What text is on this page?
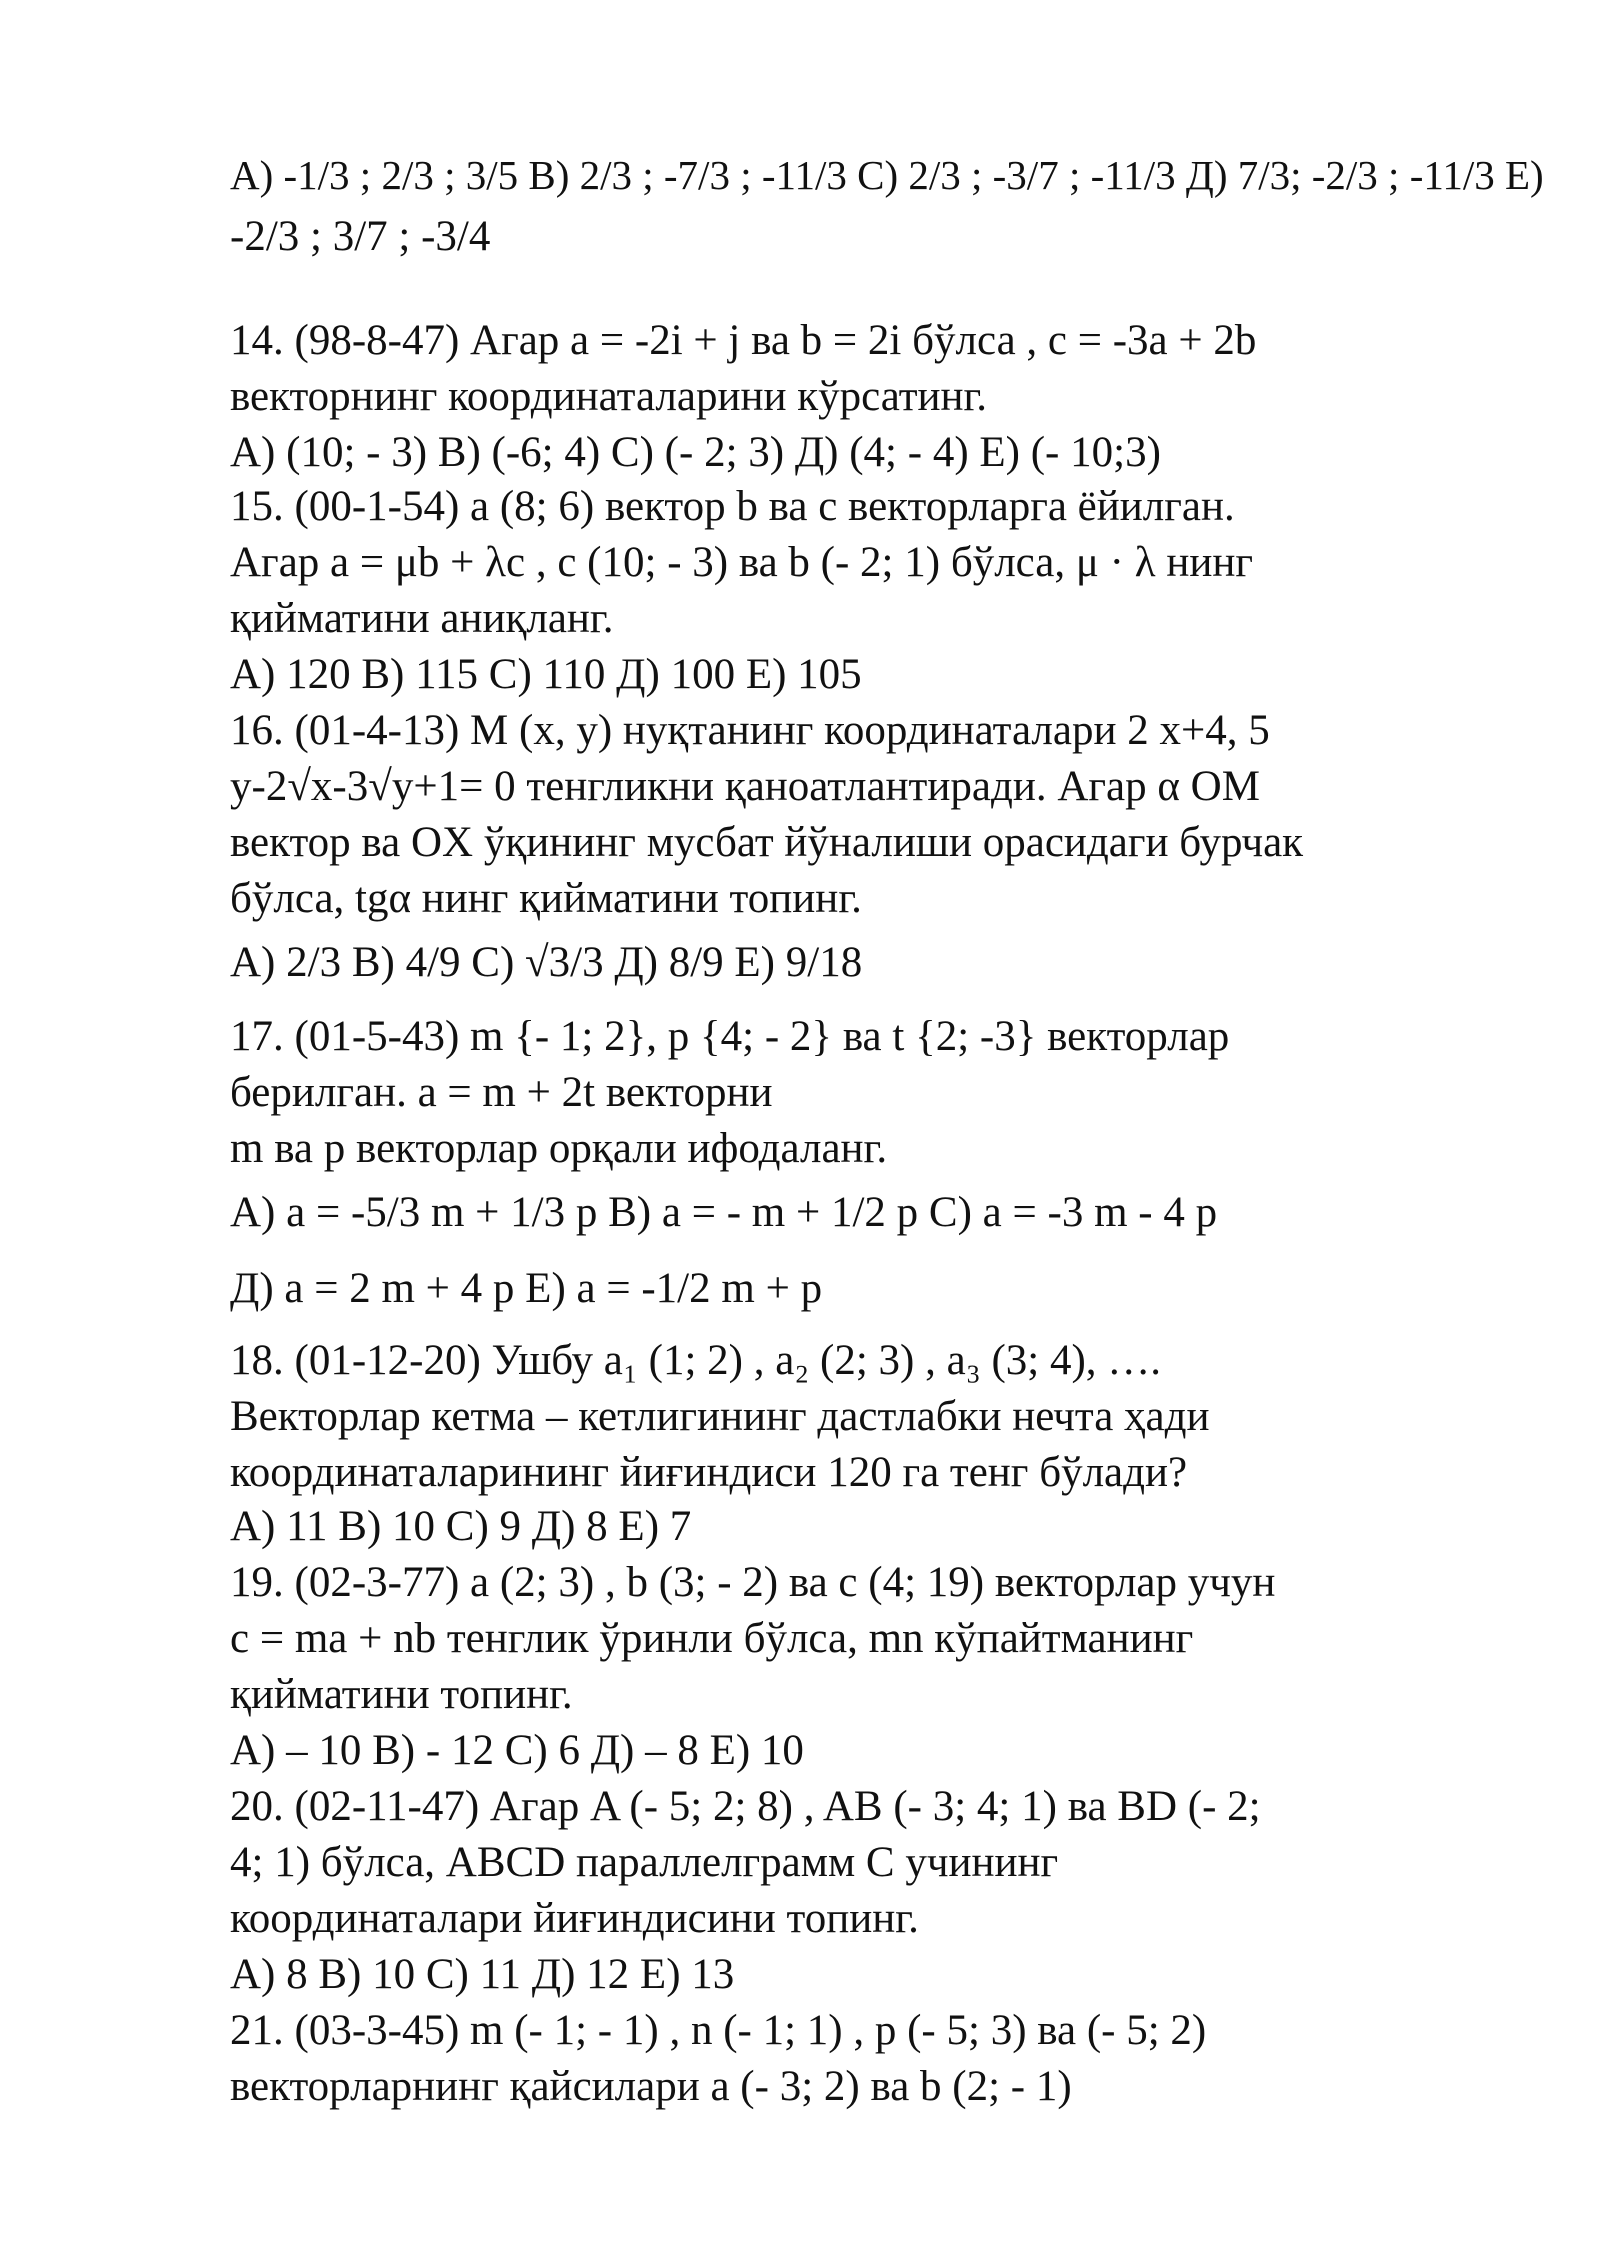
А) -1/3 ; 2/3 ; 3/5 В) 2/3 ; -7/3 ; -11/3 С) 2/3 ; -3/7 ; -11/3 Д) 7/3; -2/3 ; -11/3 Е)
-2/3 ; 3/7 ; -3/4
14. (98-8-47) Агар a = -2i + j ва b = 2i бўлса , c = -3a + 2b
векторнинг координаталарини кўрсатинг.
А) (10; - 3) В) (-6; 4) С) (- 2; 3) Д) (4; - 4) Е) (- 10;3)
15. (00-1-54) a (8; 6) вектор b ва c векторларга ёйилган.
Агар a = μb + λc , c (10; - 3) ва b (- 2; 1) бўлса, μ · λ нинг
қийматини аниқланг.
А) 120 В) 115 С) 110 Д) 100 Е) 105
16. (01-4-13) M (x, y) нуқтанинг координаталари 2 x+4, 5
y-2√x-3√y+1= 0 тенгликни қаноатлантиради. Агар α OM
вектор ва OX ўқининг мусбат йўналиши орасидаги бурчак
бўлса, tgα нинг қийматини топинг.
А) 2/3 В) 4/9 С) √3/3 Д) 8/9 Е) 9/18
17. (01-5-43) m {- 1; 2}, p {4; - 2} ва t {2; -3} векторлар
берилган. a = m + 2t векторни
m ва p векторлар орқали ифодаланг.
А) a = -5/3 m + 1/3 p В) a = - m + 1/2 p С) a = -3 m - 4 p
Д) a = 2 m + 4 p Е) a = -1/2 m + p
18. (01-12-20) Ушбу a₁ (1; 2) , a₂ (2; 3) , a₃ (3; 4), ….
Векторлар кетма – кетлигининг дастлабки нечта ҳади
координаталарининг йиғиндиси 120 га тенг бўлади?
А) 11 В) 10 С) 9 Д) 8 Е) 7
19. (02-3-77) a (2; 3) , b (3; - 2) ва c (4; 19) векторлар учун
c = ma + nb тенглик ўринли бўлса, mn кўпайтманинг
қийматини топинг.
А) – 10 В) - 12 С) 6 Д) – 8 Е) 10
20. (02-11-47) Агар A (- 5; 2; 8) , AB (- 3; 4; 1) ва BD (- 2;
4; 1) бўлса, ABCD параллелграмм C учининг
координаталари йиғиндисини топинг.
А) 8 В) 10 С) 11 Д) 12 Е) 13
21. (03-3-45) m (- 1; - 1) , n (- 1; 1) , p (- 5; 3) ва (- 5; 2)
векторларнинг қайсилари a (- 3; 2) ва b (2; - 1)
